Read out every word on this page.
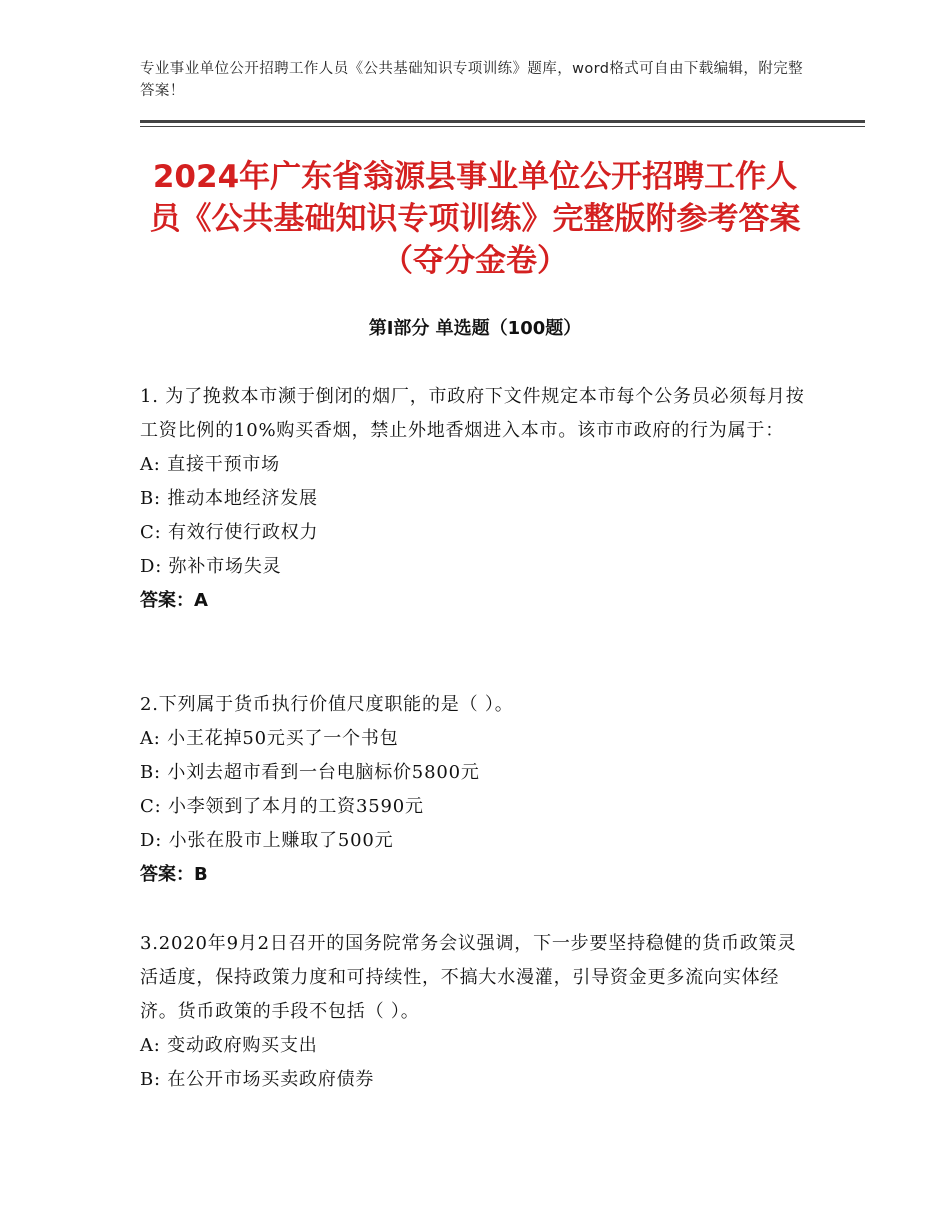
专业事业单位公开招聘工作人员《公共基础知识专项训练》题库，word格式可自由下载编辑，附完整答案！
2024年广东省翁源县事业单位公开招聘工作人员《公共基础知识专项训练》完整版附参考答案（夺分金卷）
第Ⅰ部分 单选题（100题）
1. 为了挽救本市濒于倒闭的烟厂，市政府下文件规定本市每个公务员必须每月按工资比例的10%购买香烟，禁止外地香烟进入本市。该市市政府的行为属于：
A: 直接干预市场
B: 推动本地经济发展
C: 有效行使行政权力
D: 弥补市场失灵
答案：A
2.下列属于货币执行价值尺度职能的是（ ）。
A: 小王花掉50元买了一个书包
B: 小刘去超市看到一台电脑标价5800元
C: 小李领到了本月的工资3590元
D: 小张在股市上赚取了500元
答案：B
3.2020年9月2日召开的国务院常务会议强调，下一步要坚持稳健的货币政策灵活适度，保持政策力度和可持续性，不搞大水漫灌，引导资金更多流向实体经济。货币政策的手段不包括（ ）。
A: 变动政府购买支出
B: 在公开市场买卖政府债券
